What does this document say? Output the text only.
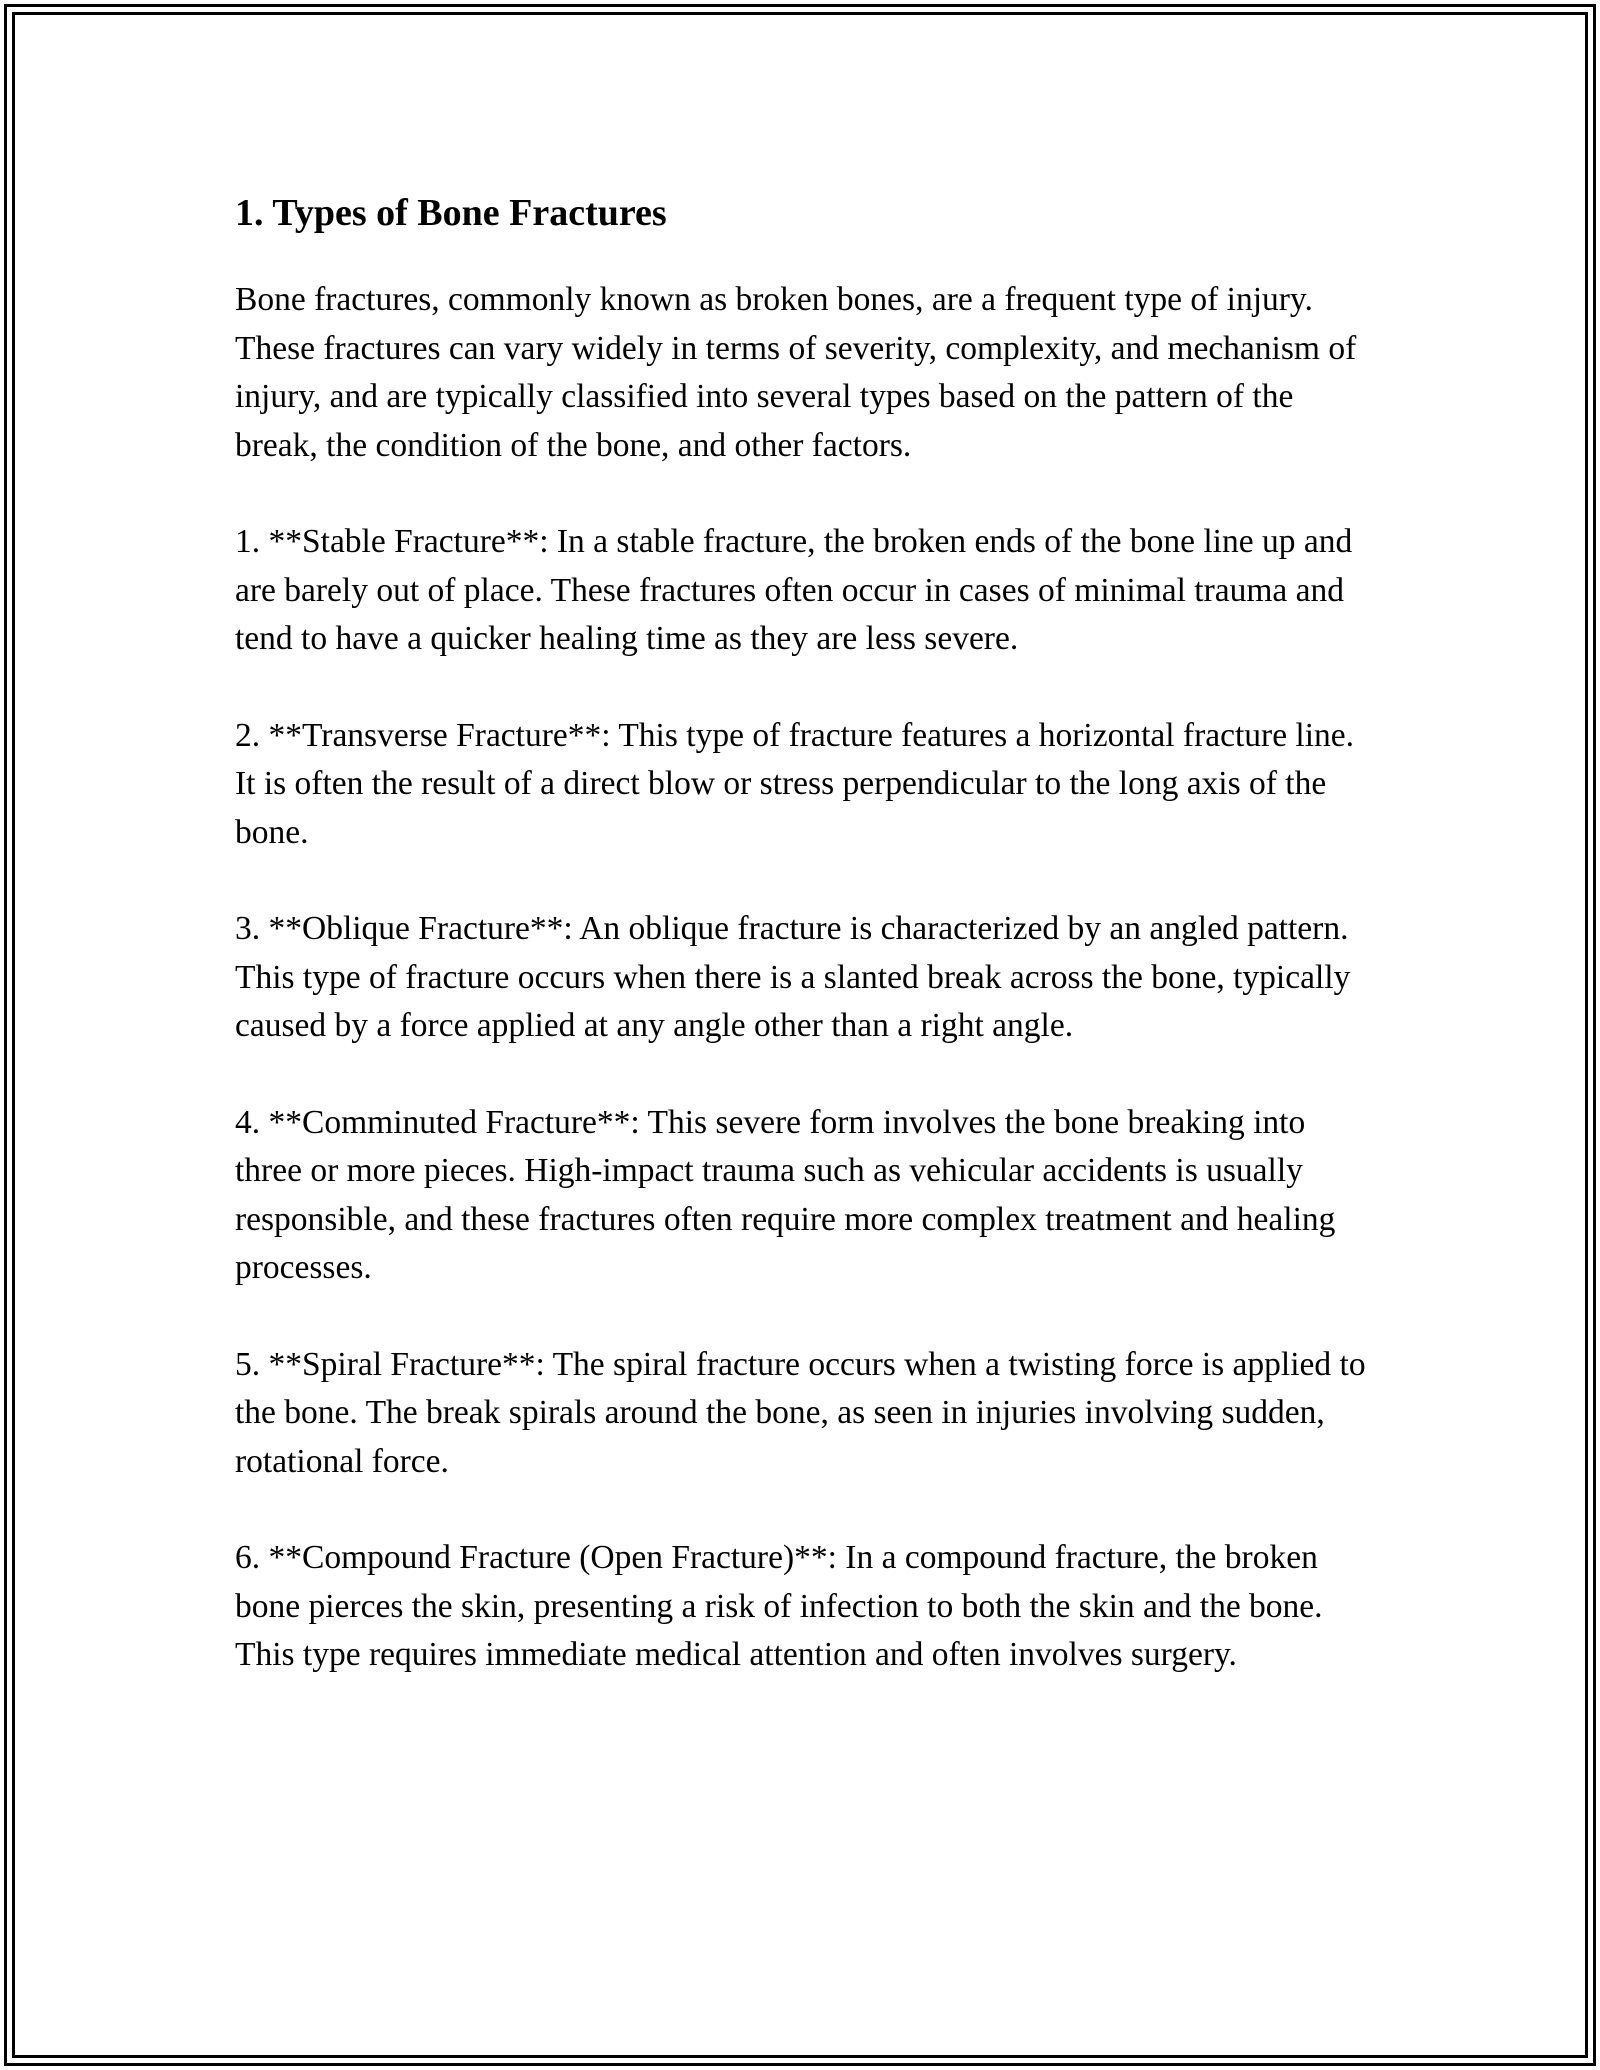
1. Types of Bone Fractures

Bone fractures, commonly known as broken bones, are a frequent type of injury. These fractures can vary widely in terms of severity, complexity, and mechanism of injury, and are typically classified into several types based on the pattern of the break, the condition of the bone, and other factors.

1. **Stable Fracture**: In a stable fracture, the broken ends of the bone line up and are barely out of place. These fractures often occur in cases of minimal trauma and tend to have a quicker healing time as they are less severe.

2. **Transverse Fracture**: This type of fracture features a horizontal fracture line. It is often the result of a direct blow or stress perpendicular to the long axis of the bone.

3. **Oblique Fracture**: An oblique fracture is characterized by an angled pattern. This type of fracture occurs when there is a slanted break across the bone, typically caused by a force applied at any angle other than a right angle.

4. **Comminuted Fracture**: This severe form involves the bone breaking into three or more pieces. High-impact trauma such as vehicular accidents is usually responsible, and these fractures often require more complex treatment and healing processes.

5. **Spiral Fracture**: The spiral fracture occurs when a twisting force is applied to the bone. The break spirals around the bone, as seen in injuries involving sudden, rotational force.

6. **Compound Fracture (Open Fracture)**: In a compound fracture, the broken bone pierces the skin, presenting a risk of infection to both the skin and the bone. This type requires immediate medical attention and often involves surgery.
